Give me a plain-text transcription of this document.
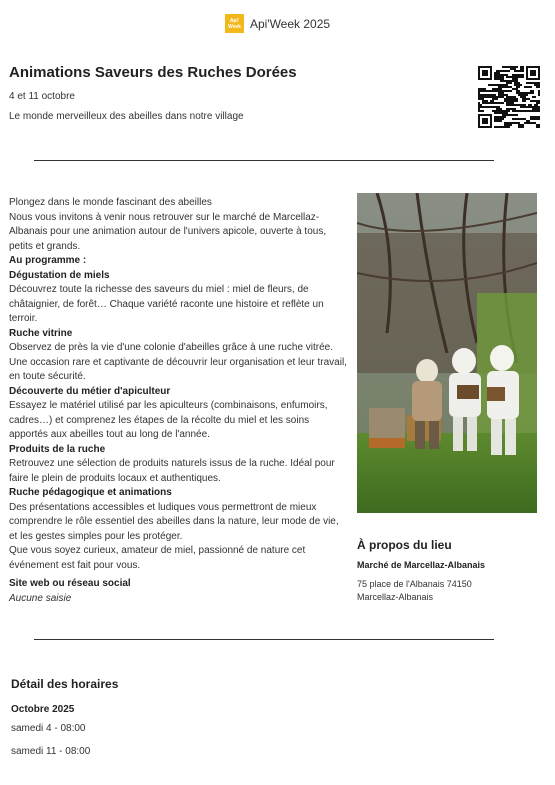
Api'
Week Api'Week 2025
Animations Saveurs des Ruches Dorées
4 et 11 octobre
Le monde merveilleux des abeilles dans notre village
Plongez dans le monde fascinant des abeilles
Nous vous invitons à venir nous retrouver sur le marché de Marcellaz-Albanais pour une animation autour de l'univers apicole, ouverte à tous, petits et grands.
Au programme :
Dégustation de miels
Découvrez toute la richesse des saveurs du miel : miel de fleurs, de châtaignier, de forêt… Chaque variété raconte une histoire et reflète un terroir.
Ruche vitrine
Observez de près la vie d'une colonie d'abeilles grâce à une ruche vitrée. Une occasion rare et captivante de découvrir leur organisation et leur travail, en toute sécurité.
Découverte du métier d'apiculteur
Essayez le matériel utilisé par les apiculteurs (combinaisons, enfumoirs, cadres…) et comprenez les étapes de la récolte du miel et les soins apportés aux abeilles tout au long de l'année.
Produits de la ruche
Retrouvez une sélection de produits naturels issus de la ruche. Idéal pour faire le plein de produits locaux et authentiques.
Ruche pédagogique et animations
Des présentations accessibles et ludiques vous permettront de mieux comprendre le rôle essentiel des abeilles dans la nature, leur mode de vie, et les gestes simples pour les protéger.
Que vous soyez curieux, amateur de miel, passionné de nature cet événement est fait pour vous.
Site web ou réseau social
Aucune saisie
À propos du lieu
Marché de Marcellaz-Albanais
75 place de l'Albanais 74150
Marcellaz-Albanais
Détail des horaires
Octobre 2025
samedi 4 - 08:00
samedi 11 - 08:00
